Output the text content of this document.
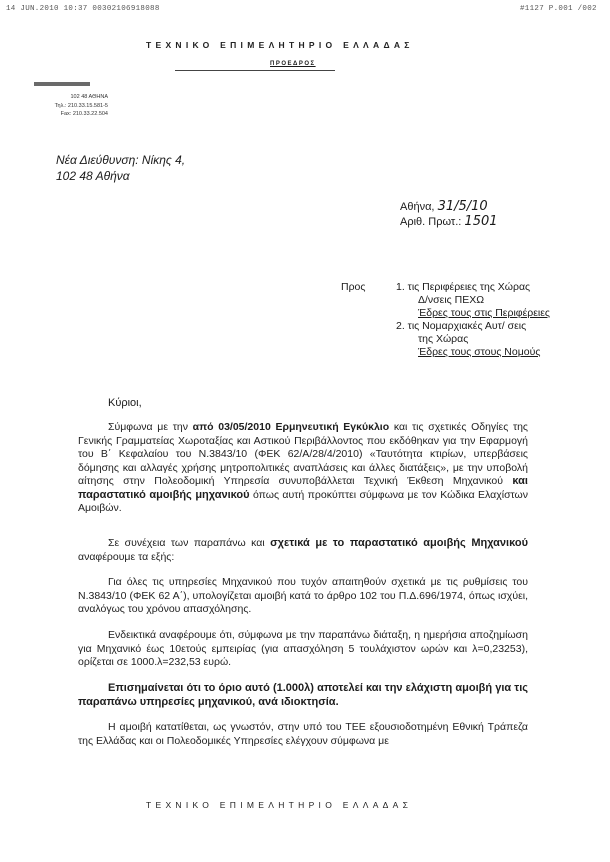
14 JUN.2010 10:37 00302106918088	#1127 P.001 /002
ΤΕΧΝΙΚΟ ΕΠΙΜΕΛΗΤΗΡΙΟ ΕΛΛΑΔΑΣ
ΠΡΟΕΔΡΟΣ
102 48 ΑΘΗΝΑ
Τηλ.: 210.33.15.581-5
Fax: 210.33.22.504
Νέα Διεύθυνση: Νίκης 4,
102 48 Αθήνα
Αθήνα, 31/5/10
Αριθ. Πρωτ.: 1501
Προς	1. τις Περιφέρειες της Χώρας
Δ/νσεις ΠΕΧΩ
Έδρες τους στις Περιφέρειες
2. τις Νομαρχιακές Αυτ/ σεις
της Χώρας
Έδρες τους στους Νομούς
Κύριοι,
Σύμφωνα με την από 03/05/2010 Ερμηνευτική Εγκύκλιο και τις σχετικές Οδηγίες της Γενικής Γραμματείας Χωροταξίας και Αστικού Περιβάλλοντος που εκδόθηκαν για την Εφαρμογή του Β΄ Κεφαλαίου του Ν.3843/10 (ΦΕΚ 62/Α/28/4/2010) «Ταυτότητα κτιρίων, υπερβάσεις δόμησης και αλλαγές χρήσης μητροπολιτικές αναπλάσεις και άλλες διατάξεις», με την υποβολή αίτησης στην Πολεοδομική Υπηρεσία συνυποβάλλεται Τεχνική Έκθεση Μηχανικού και παραστατικό αμοιβής μηχανικού όπως αυτή προκύπτει σύμφωνα με τον Κώδικα Ελαχίστων Αμοιβών.
Σε συνέχεια των παραπάνω και σχετικά με το παραστατικό αμοιβής Μηχανικού αναφέρουμε τα εξής:
Για όλες τις υπηρεσίες Μηχανικού που τυχόν απαιτηθούν σχετικά με τις ρυθμίσεις του Ν.3843/10 (ΦΕΚ 62 Α΄), υπολογίζεται αμοιβή κατά το άρθρο 102 του Π.Δ.696/1974, όπως ισχύει, αναλόγως του χρόνου απασχόλησης.
Ενδεικτικά αναφέρουμε ότι, σύμφωνα με την παραπάνω διάταξη, η ημερήσια αποζημίωση για Μηχανικό έως 10ετούς εμπειρίας (για απασχόληση 5 τουλάχιστον ωρών και λ=0,23253), ορίζεται σε 1000.λ=232,53 ευρώ.
Επισημαίνεται ότι το όριο αυτό (1.000λ) αποτελεί και την ελάχιστη αμοιβή για τις παραπάνω υπηρεσίες μηχανικού, ανά ιδιοκτησία.
Η αμοιβή κατατίθεται, ως γνωστόν, στην υπό του ΤΕΕ εξουσιοδοτημένη Εθνική Τράπεζα της Ελλάδας και οι Πολεοδομικές Υπηρεσίες ελέγχουν σύμφωνα με
ΤΕΧΝΙΚΟ ΕΠΙΜΕΛΗΤΗΡΙΟ ΕΛΛΑΔΑΣ
